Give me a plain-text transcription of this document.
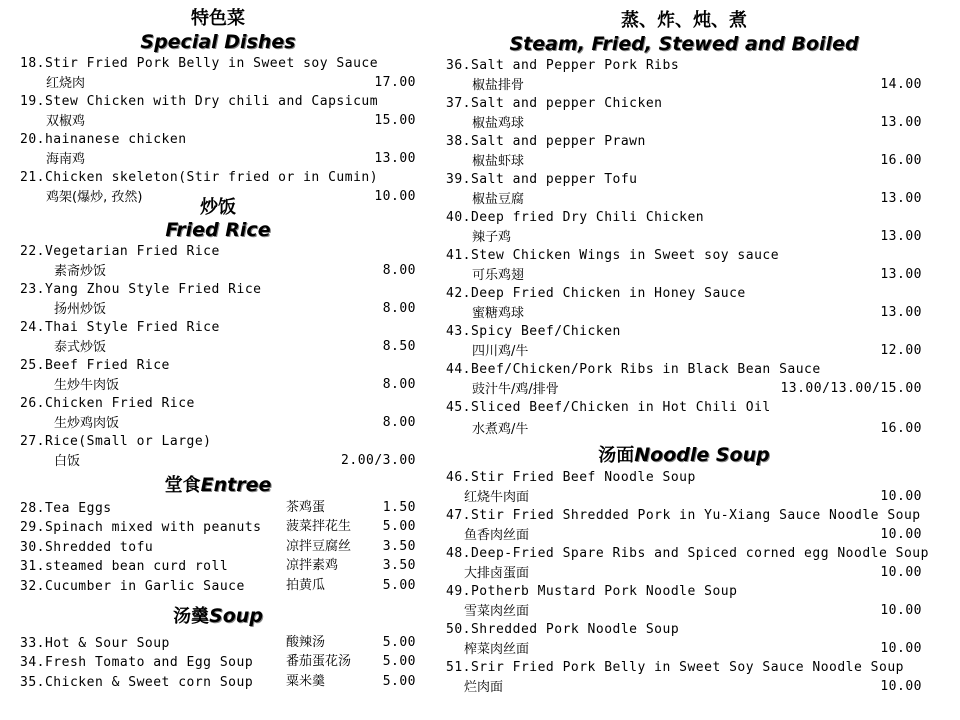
特色菜
Special Dishes
18.Stir Fried Pork Belly in Sweet soy Sauce
红烧肉	17.00
19.Stew Chicken with Dry chili and Capsicum
双椒鸡	15.00
20.hainanese chicken
海南鸡	13.00
21.Chicken skeleton(Stir fried or in Cumin)
鸡架(爆炒, 孜然)	10.00
炒饭
Fried Rice
22.Vegetarian Fried Rice
素斋炒饭	8.00
23.Yang Zhou Style Fried Rice
扬州炒饭	8.00
24.Thai Style Fried Rice
泰式炒饭	8.50
25.Beef Fried Rice
生炒牛肉饭	8.00
26.Chicken Fried Rice
生炒鸡肉饭	8.00
27.Rice(Small or Large)
白饭	2.00/3.00
堂食Entree
28.Tea Eggs	茶鸡蛋	1.50
29.Spinach mixed with peanuts 菠菜拌花生 5.00
30.Shredded tofu	凉拌豆腐丝 3.50
31.steamed bean curd roll	凉拌素鸡	3.50
32.Cucumber in Garlic Sauce	拍黄瓜	5.00
汤羹Soup
33.Hot & Sour Soup	酸辣汤	5.00
34.Fresh Tomato and Egg Soup	番茄蛋花汤 5.00
35.Chicken & Sweet corn Soup	粟米羹	5.00
蒸、炸、炖、煮
Steam, Fried, Stewed and Boiled
36.Salt and Pepper Pork Ribs
椒盐排骨	14.00
37.Salt and pepper Chicken
椒盐鸡球	13.00
38.Salt and pepper Prawn
椒盐虾球	16.00
39.Salt and pepper Tofu
椒盐豆腐	13.00
40.Deep fried Dry Chili Chicken
辣子鸡	13.00
41.Stew Chicken Wings in Sweet soy sauce
可乐鸡翅	13.00
42.Deep Fried Chicken in Honey Sauce
蜜糖鸡球	13.00
43.Spicy Beef/Chicken
四川鸡/牛	12.00
44.Beef/Chicken/Pork Ribs in Black Bean Sauce
豉汁牛/鸡/排骨	13.00/13.00/15.00
45.Sliced Beef/Chicken in Hot Chili Oil
水煮鸡/牛	16.00
汤面Noodle Soup
46.Stir Fried Beef Noodle Soup
红烧牛肉面	10.00
47.Stir Fried Shredded Pork in Yu-Xiang Sauce Noodle Soup
鱼香肉丝面	10.00
48.Deep-Fried Spare Ribs and Spiced corned egg Noodle Soup
大排卤蛋面	10.00
49.Potherb Mustard Pork Noodle Soup
雪菜肉丝面	10.00
50.Shredded Pork Noodle Soup
榨菜肉丝面	10.00
51.Srir Fried Pork Belly in Sweet Soy Sauce Noodle Soup
烂肉面	10.00
